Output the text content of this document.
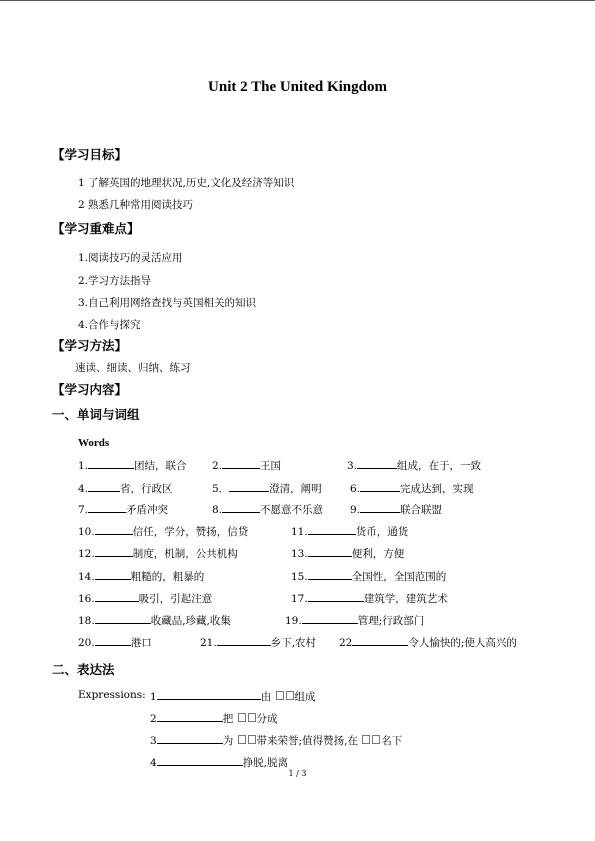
Unit 2 The United Kingdom
【学习目标】
1 了解英国的地理状况,历史,文化及经济等知识
2 熟悉几种常用阅读技巧
【学习重难点】
1.阅读技巧的灵活应用
2.学习方法指导
3.自己利用网络查找与英国相关的知识
4.合作与探究
【学习方法】
速读、细读、归纳、练习
【学习内容】
一、单词与词组
Words
1.	团结，联合 2.	王国	3.	组成，在于，一致
4.	省，行政区	5．	澄清，阐明	6.	完成达到，实现
7.	矛盾冲突	8.	不愿意不乐意	9.	联合联盟
10.	信任，学分，赞扬，信贷	11.	货币，通货
12.	制度，机制，公共机构	13.	便利，方便
14.	粗糙的，粗暴的	15.	全国性，全国范围的
16.	吸引，引起注意	17.	建筑学，建筑艺术
18.	收藏品,珍藏,收集	19.	管理;行政部门
20.	港口	21.	乡下,农村 22	令人愉快的;使人高兴的
二、表达法
Expressions: 1	由 组成
2	把 分成
3	为 带来荣誉;值得赞扬,在 名下
4	挣脱,脱离
1 / 3
